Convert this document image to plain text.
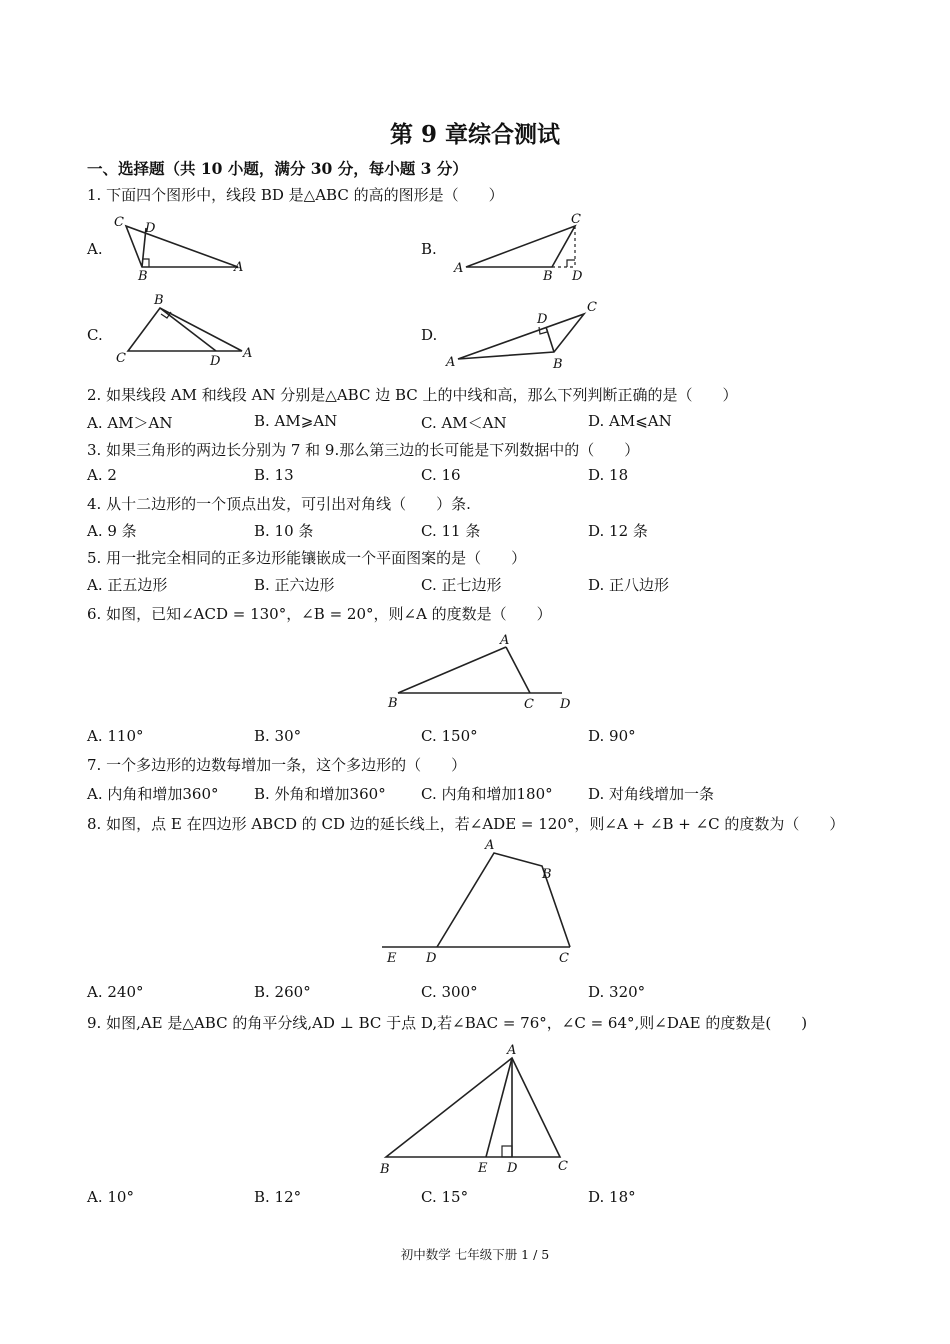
第 9 章综合测试
一、选择题（共 10 小题，满分 30 分，每小题 3 分）
1. 下面四个图形中，线段 BD 是△ABC 的高的图形是（　　）
A.	B.
C.	D.
C D
B
A
C
A
B D
B
C	D
A
D
C
A	B
2. 如果线段 AM 和线段 AN 分别是△ABC 边 BC 上的中线和高，那么下列判断正确的是（　　）
A. AM＞AN	B. AM⩾AN	C. AM＜AN	D. AM⩽AN
3. 如果三角形的两边长分别为 7 和 9.那么第三边的长可能是下列数据中的（　　）
A. 2	B. 13	C. 16	D. 18
4. 从十二边形的一个顶点出发，可引出对角线（　　）条.
A. 9 条	B. 10 条	C. 11 条	D. 12 条
5. 用一批完全相同的正多边形能镶嵌成一个平面图案的是（　　）
A. 正五边形	B. 正六边形	C. 正七边形	D. 正八边形
6. 如图，已知∠ACD = 130°，∠B = 20°，则∠A 的度数是（　　）
A
B	C D
A. 110°	B. 30°	C. 150°	D. 90°
7. 一个多边形的边数每增加一条，这个多边形的（　　）
A. 内角和增加360° B. 外角和增加360° C. 内角和增加180° D. 对角线增加一条
8. 如图，点 E 在四边形 ABCD 的 CD 边的延长线上，若∠ADE = 120°，则∠A + ∠B + ∠C 的度数为（　　）
A
B
E D	C
A. 240°	B. 260°	C. 300°	D. 320°
9. 如图,AE 是△ABC 的角平分线,AD ⊥ BC 于点 D,若∠BAC = 76°，∠C = 64°,则∠DAE 的度数是(　　)
A
B	E D	C
A. 10°	B. 12°	C. 15°	D. 18°
初中数学 七年级下册 1 / 5
